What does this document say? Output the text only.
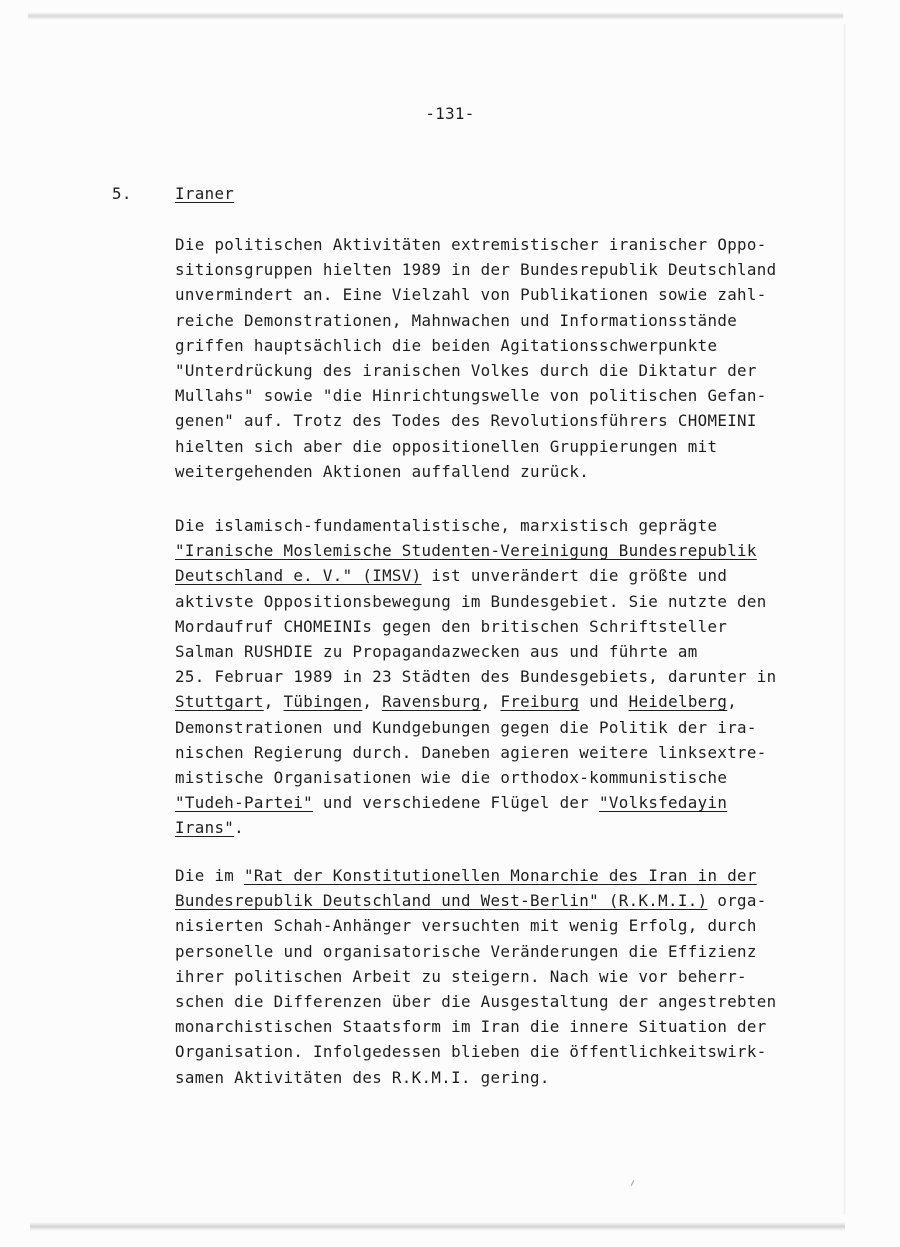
-131-
5.	Iraner
Die politischen Aktivitäten extremistischer iranischer Oppo-
sitionsgruppen hielten 1989 in der Bundesrepublik Deutschland
unvermindert an. Eine Vielzahl von Publikationen sowie zahl-
reiche Demonstrationen, Mahnwachen und Informationsstände
griffen hauptsächlich die beiden Agitationsschwerpunkte
"Unterdrückung des iranischen Volkes durch die Diktatur der
Mullahs" sowie "die Hinrichtungswelle von politischen Gefan-
genen" auf. Trotz des Todes des Revolutionsführers CHOMEINI
hielten sich aber die oppositionellen Gruppierungen mit
weitergehenden Aktionen auffallend zurück.
Die islamisch-fundamentalistische, marxistisch geprägte
"Iranische Moslemische Studenten-Vereinigung Bundesrepublik
Deutschland e. V." (IMSV) ist unverändert die größte und
aktivste Oppositionsbewegung im Bundesgebiet. Sie nutzte den
Mordaufruf CHOMEINIs gegen den britischen Schriftsteller
Salman RUSHDIE zu Propagandazwecken aus und führte am
25. Februar 1989 in 23 Städten des Bundesgebiets, darunter in
Stuttgart, Tübingen, Ravensburg, Freiburg und Heidelberg,
Demonstrationen und Kundgebungen gegen die Politik der ira-
nischen Regierung durch. Daneben agieren weitere linksextre-
mistische Organisationen wie die orthodox-kommunistische
"Tudeh-Partei" und verschiedene Flügel der "Volksfedayin
Irans".
Die im "Rat der Konstitutionellen Monarchie des Iran in der
Bundesrepublik Deutschland und West-Berlin" (R.K.M.I.) orga-
nisierten Schah-Anhänger versuchten mit wenig Erfolg, durch
personelle und organisatorische Veränderungen die Effizienz
ihrer politischen Arbeit zu steigern. Nach wie vor beherr-
schen die Differenzen über die Ausgestaltung der angestrebten
monarchistischen Staatsform im Iran die innere Situation der
Organisation. Infolgedessen blieben die öffentlichkeitswirk-
samen Aktivitäten des R.K.M.I. gering.
